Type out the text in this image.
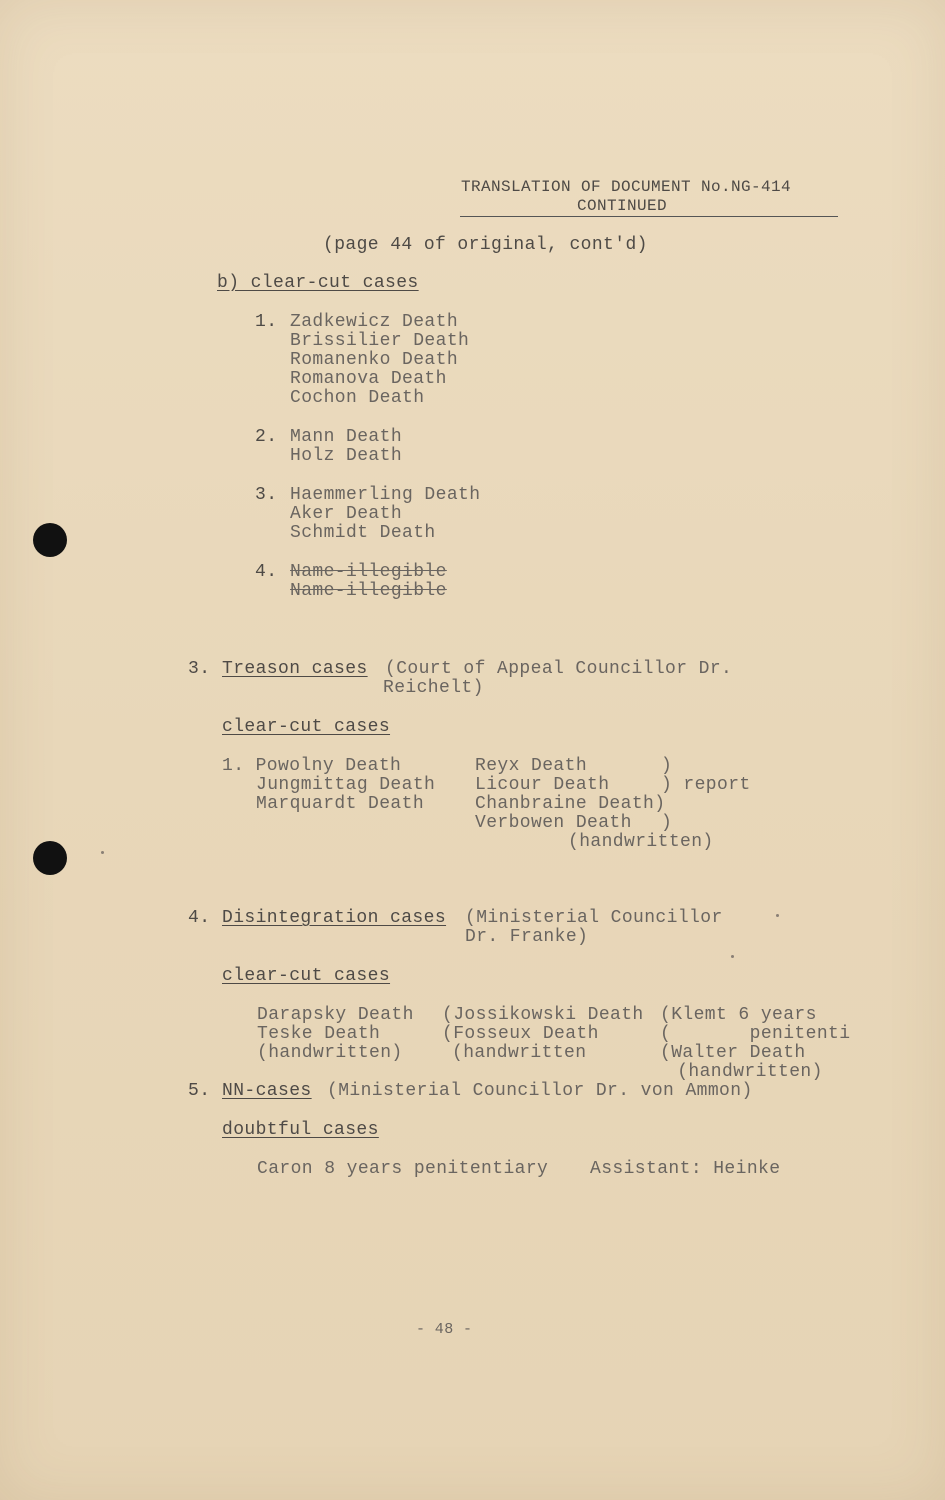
TRANSLATION OF DOCUMENT No.NG-414
CONTINUED
(page 44 of original, cont'd)
b) clear-cut cases
1. Zadkewicz Death
Brissilier Death
Romanenko Death
Romanova Death
Cochon Death
2. Mann Death
Holz Death
3. Haemmerling Death
Aker Death
Schmidt Death
4. Name-illegible
Name-illegible
3. Treason cases (Court of Appeal Councillor Dr.
Reichelt)
clear-cut cases
1. Powolny Death
Jungmittag Death
Marquardt Death
Reyx Death
Licour Death
Chanbraine Death)
Verbowen Death
)
) report
)
(handwritten)
4. Disintegration cases (Ministerial Councillor
Dr. Franke)
clear-cut cases
Darapsky Death
Teske Death
(handwritten)
(Jossikowski Death
(Fosseux Death
(handwritten
(Klemt 6 years
(       penitenti
(Walter Death
(handwritten)
5. NN-cases (Ministerial Councillor Dr. von Ammon)
doubtful cases
Caron 8 years penitentiary Assistant: Heinke
- 48 -
